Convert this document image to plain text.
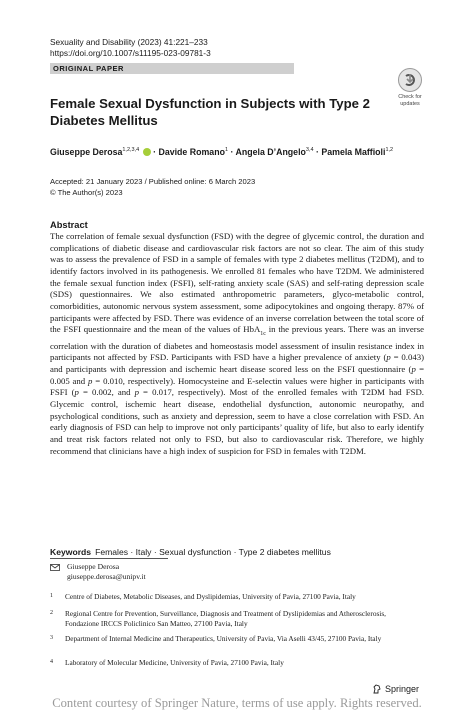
Sexuality and Disability (2023) 41:221–233
https://doi.org/10.1007/s11195-023-09781-3
ORIGINAL PAPER
Check for updates
Female Sexual Dysfunction in Subjects with Type 2 Diabetes Mellitus
Giuseppe Derosa$^{1,2,3,4}$  · Davide Romano$^1$ · Angela D’Angelo$^{3,4}$ · Pamela Maffioli$^{1,2}$
Accepted: 21 January 2023 / Published online: 6 March 2023
© The Author(s) 2023
Abstract
The correlation of female sexual dysfunction (FSD) with the degree of glycemic control, the duration and complications of diabetic disease and cardiovascular risk factors are not so clear. The aim of this study was to assess the prevalence of FSD in a sample of females with type 2 diabetes mellitus (T2DM), and to identify factors involved in its pathogenesis. We enrolled 81 females who have T2DM. We administered the female sexual function index (FSFI), self-rating anxiety scale (SAS) and self-rating depression scale (SDS) questionnaires. We also estimated anthropometric parameters, glyco-metabolic control, comorbidities, autonomic nervous system assessment, some adipocytokines and ongoing therapy. 87% of participants were affected by FSD. There was evidence of an inverse correlation between the total score of the FSFI questionnaire and the mean of the values of HbA$_{1c}$ in the previous years. There was an inverse correlation with the duration of diabetes and homeostasis model assessment of insulin resistance index in participants not affected by FSD. Participants with FSD have a higher prevalence of anxiety (p = 0.043) and participants with depression and ischemic heart disease scored less on the FSFI questionnaire (p = 0.005 and p = 0.010, respectively). Homocysteine and E-selectin values were higher in participants with FSFI (p = 0.002, and p = 0.017, respectively). Most of the enrolled females with T2DM had FSD. Glycemic control, ischemic heart disease, endothelial dysfunction, autonomic neuropathy, and psychological conditions, such as anxiety and depression, seem to have a close correlation with FSD. An early diagnosis of FSD can help to improve not only participants’ quality of life, but also to early identify and treat risk factors related not only to FSD, but also to cardiovascular risk. Therefore, we highly recommend that clinicians have a high index of suspicion for FSD in females with T2DM.
Keywords Females · Italy · Sexual dysfunction · Type 2 diabetes mellitus
Giuseppe Derosa
giuseppe.derosa@unipv.it
1 Centre of Diabetes, Metabolic Diseases, and Dyslipidemias, University of Pavia, 27100 Pavia, Italy
2 Regional Centre for Prevention, Surveillance, Diagnosis and Treatment of Dyslipidemias and Atherosclerosis, Fondazione IRCCS Policlinico San Matteo, 27100 Pavia, Italy
3 Department of Internal Medicine and Therapeutics, University of Pavia, Via Aselli 43/45, 27100 Pavia, Italy
4 Laboratory of Molecular Medicine, University of Pavia, 27100 Pavia, Italy
Springer
Content courtesy of Springer Nature, terms of use apply. Rights reserved.
